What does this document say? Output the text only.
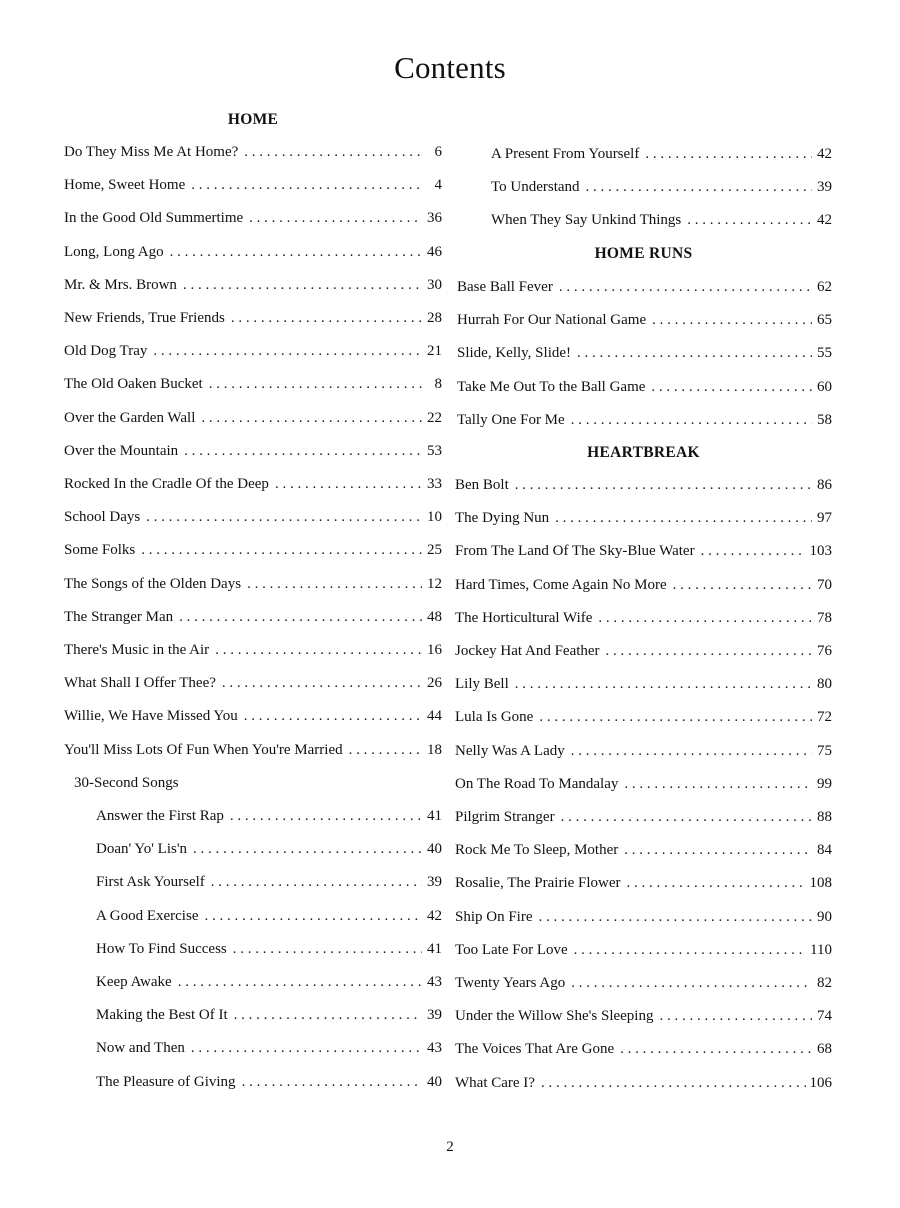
Contents
HOME
Do They Miss Me At Home? . . .	6
Home, Sweet Home . . .	4
In the Good Old Summertime . . .	36
Long, Long Ago . . .	46
Mr. & Mrs. Brown . . .	30
New Friends, True Friends . . .	28
Old Dog Tray . . .	21
The Old Oaken Bucket . . .	8
Over the Garden Wall . . .	22
Over the Mountain . . .	53
Rocked In the Cradle Of the Deep . . .	33
School Days . . .	10
Some Folks . . .	25
The Songs of the Olden Days . . .	12
The Stranger Man . . .	48
There's Music in the Air . . .	16
What Shall I Offer Thee? . . .	26
Willie, We Have Missed You . . .	44
You'll Miss Lots Of Fun When You're Married . . .	18
30-Second Songs
Answer the First Rap . . .	41
Doan' Yo' Lis'n . . .	40
First Ask Yourself . . .	39
A Good Exercise . . .	42
How To Find Success . . .	41
Keep Awake . . .	43
Making the Best Of It . . .	39
Now and Then . . .	43
The Pleasure of Giving . . .	40
HOME RUNS
HEARTBREAK
A Present From Yourself . . .	42
To Understand . . .	39
When They Say Unkind Things . . .	42
Base Ball Fever . . .	62
Hurrah For Our National Game . . .	65
Slide, Kelly, Slide! . . .	55
Take Me Out To the Ball Game . . .	60
Tally One For Me . . .	58
Ben Bolt . . .	86
The Dying Nun . . .	97
From The Land Of The Sky-Blue Water . . .	103
Hard Times, Come Again No More . . .	70
The Horticultural Wife . . .	78
Jockey Hat And Feather . . .	76
Lily Bell . . .	80
Lula Is Gone . . .	72
Nelly Was A Lady . . .	75
On The Road To Mandalay . . .	99
Pilgrim Stranger . . .	88
Rock Me To Sleep, Mother . . .	84
Rosalie, The Prairie Flower . . .	108
Ship On Fire . . .	90
Too Late For Love . . .	110
Twenty Years Ago . . .	82
Under the Willow She's Sleeping . . .	74
The Voices That Are Gone . . .	68
What Care I? . . .	106
2
